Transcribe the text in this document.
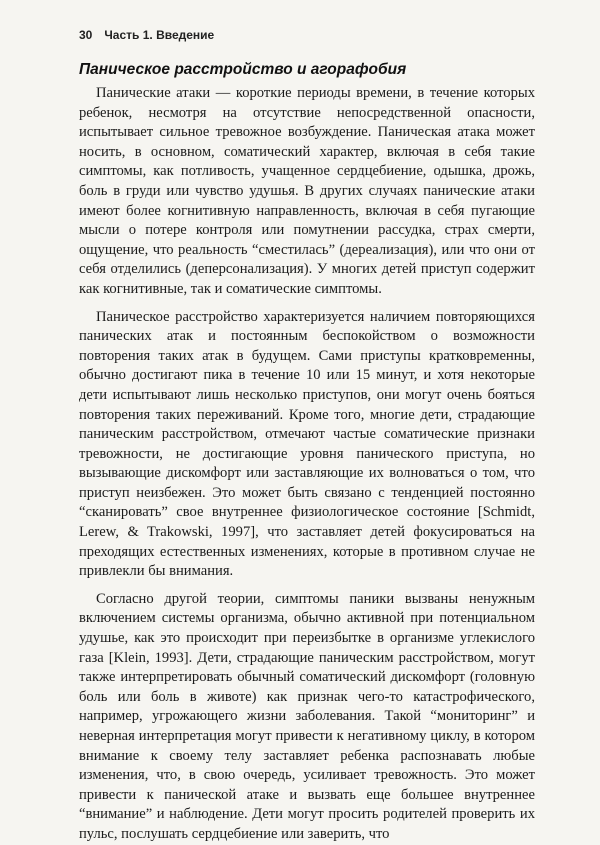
30 Часть 1. Введение
Паническое расстройство и агорафобия

Панические атаки — короткие периоды времени, в течение которых ребенок, несмотря на отсутствие непосредственной опасности, испытывает сильное тревожное возбуждение. Паническая атака может носить, в основном, соматический характер, включая в себя такие симптомы, как потливость, учащенное сердцебиение, одышка, дрожь, боль в груди или чувство удушья. В других случаях панические атаки имеют более когнитивную направленность, включая в себя пугающие мысли о потере контроля или помутнении рассудка, страх смерти, ощущение, что реальность “сместилась” (дереализация), или что они от себя отделились (деперсонализация). У многих детей приступ содержит как когнитивные, так и соматические симптомы.

Паническое расстройство характеризуется наличием повторяющихся панических атак и постоянным беспокойством о возможности повторения таких атак в будущем. Сами приступы кратковременны, обычно достигают пика в течение 10 или 15 минут, и хотя некоторые дети испытывают лишь несколько приступов, они могут очень бояться повторения таких переживаний. Кроме того, многие дети, страдающие паническим расстройством, отмечают частые соматические признаки тревожности, не достигающие уровня панического приступа, но вызывающие дискомфорт или заставляющие их волноваться о том, что приступ неизбежен. Это может быть связано с тенденцией постоянно “сканировать” свое внутреннее физиологическое состояние [Schmidt, Lerew, & Trakowski, 1997], что заставляет детей фокусироваться на преходящих естественных изменениях, которые в противном случае не привлекли бы внимания.

Согласно другой теории, симптомы паники вызваны ненужным включением системы организма, обычно активной при потенциальном удушье, как это происходит при переизбытке в организме углекислого газа [Klein, 1993]. Дети, страдающие паническим расстройством, могут также интерпретировать обычный соматический дискомфорт (головную боль или боль в животе) как признак чего-то катастрофического, например, угрожающего жизни заболевания. Такой “мониторинг” и неверная интерпретация могут привести к негативному циклу, в котором внимание к своему телу заставляет ребенка распознавать любые изменения, что, в свою очередь, усиливает тревожность. Это может привести к панической атаке и вызвать еще большее внутреннее “внимание” и наблюдение. Дети могут просить родителей проверить их пульс, послушать сердцебиение или заверить, что
